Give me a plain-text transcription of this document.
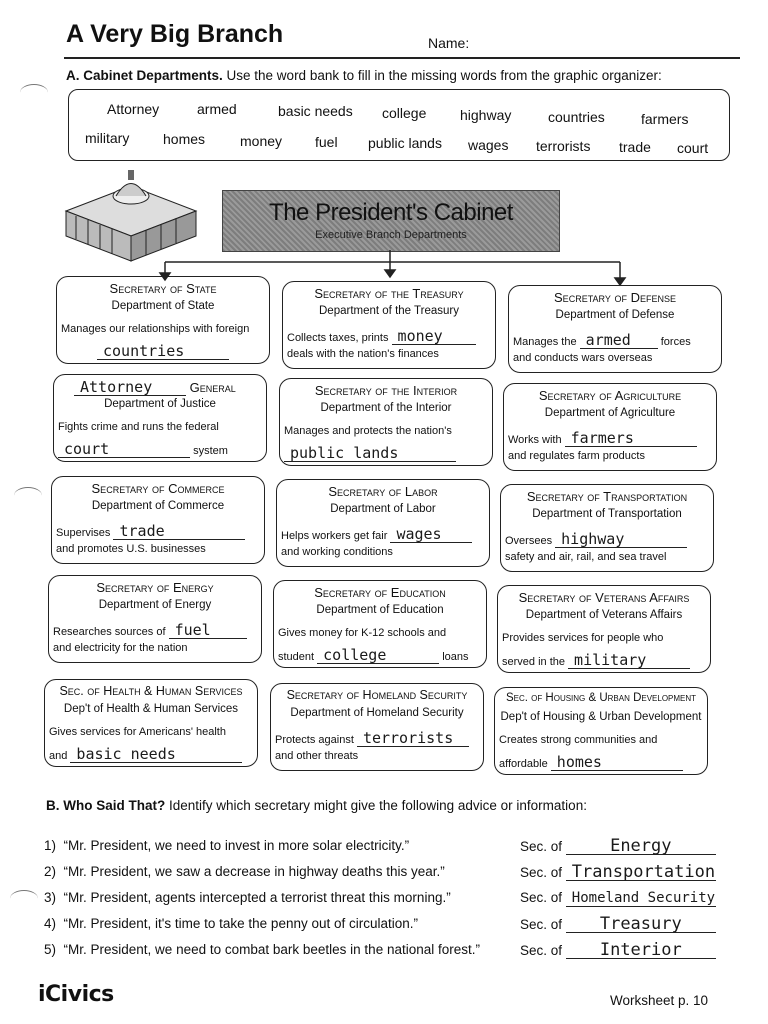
A Very Big Branch	Name:
A. Cabinet Departments. Use the word bank to fill in the missing words from the graphic organizer:
Attorney	armed	basic needs college highway	countries	farmers
military homes money fuel public lands wages terrorists trade court
The President's Cabinet
Executive Branch Departments
Secretary of State
Department of State
Manages our relationships with foreign
countries
Secretary of the Treasury
Department of the Treasury
Collects taxes, prints money
deals with the nation's finances
Secretary of Defense
Department of Defense
Manages the armed	forces
and conducts wars overseas
Attorney	General
Department of Justice
Fights crime and runs the federal
court	system
Secretary of the Interior
Department of the Interior
Manages and protects the nation's
public lands
Secretary of Agriculture
Department of Agriculture
Works with farmers
and regulates farm products
Secretary of Commerce
Department of Commerce
Supervises trade
and promotes U.S. businesses
Secretary of Labor
Department of Labor
Helps workers get fair wages
and working conditions
Secretary of Transportation
Department of Transportation
Oversees highway
safety and air, rail, and sea travel
Secretary of Energy
Department of Energy
Researches sources of fuel
and electricity for the nation
Secretary of Education
Department of Education
Gives money for K-12 schools and
student college	loans
Secretary of Veterans Affairs
Department of Veterans Affairs
Provides services for people who
served in the military
Sec. of Health & Human Services
Dep't of Health & Human Services
Gives services for Americans' health
and basic needs
Secretary of Homeland Security
Department of Homeland Security
Protects against terrorists
and other threats
Sec. of Housing & Urban Development
Dep't of Housing & Urban Development
Creates strong communities and
affordable homes
B. Who Said That? Identify which secretary might give the following advice or information:
1) “Mr. President, we need to invest in more solar electricity.”	Sec. of	Energy
2) “Mr. President, we saw a decrease in highway deaths this year.”	Sec. of Transportation
3) “Mr. President, agents intercepted a terrorist threat this morning.”	Sec. of Homeland Security
4) “Mr. President, it's time to take the penny out of circulation.”	Sec. of Treasury
5) “Mr. President, we need to combat bark beetles in the national forest.”	Sec. of Interior
iCivics	Worksheet p. 10
